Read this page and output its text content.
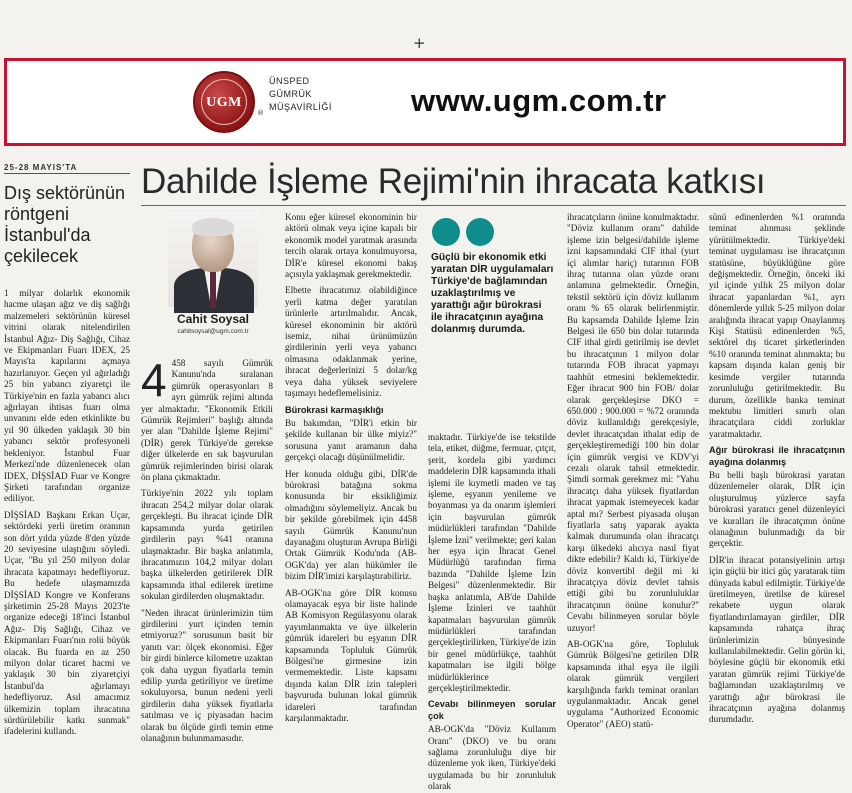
+
UGM
®
ÜNSPED
GÜMRÜK
MÜŞAVİRLİĞİ	www.ugm.com.tr
25-28 MAYIS'TA
Dış sektörünün röntgeni İstanbul'da çekilecek

1 milyar dolarlık ekonomik hacme ulaşan ağız ve diş sağlığı malzemeleri sektörünün küresel vitrini olarak nitelendirilen İstanbul Ağız- Diş Sağlığı, Cihaz ve Ekipmanları Fuarı IDEX, 25 Mayıs'ta kapılarını açmaya hazırlanıyor. Geçen yıl ağırladığı 25 bin yabancı ziyaretçi ile Türkiye'nin en fazla yabancı alıcı ağırlayan ihtisas fuarı olma unvanını elde eden etkinlikte bu yıl 90 ülkeden yaklaşık 30 bin yabancı sektör profesyoneli bekleniyor. İstanbul Fuar Merkezi'nde düzenlenecek olan IDEX, DİŞSİAD Fuar ve Kongre Şirketi tarafından organize ediliyor.

DİŞSİAD Başkanı Erkan Uçar, sektördeki yerli üretim oranının son dört yılda yüzde 8'den yüzde 20 seviyesine ulaştığını söyledi. Uçar, "Bu yıl 250 milyon dolar ihracata kapatmayı hedefliyoruz. Bu hedefe ulaşmamızda DİŞSİAD Kongre ve Konferans şirketimin 25-28 Mayıs 2023'te organize edeceği 18'inci İstanbul Ağız- Diş Sağlığı, Cihaz ve Ekipmanları Fuarı'nın rolü büyük olacak. Bu fuarda en az 250 milyon dolar ticaret hacmi ve yaklaşık 30 bin ziyaretçiyi İstanbul'da ağırlamayı hedefliyoruz. Asıl amacımız ülkemizin toplam ihracatına sürdürülebilir katkı sunmak" ifadelerini kullandı.

Dahilde İşleme Rejimi'nin ihracata katkısı
Cahit Soysal
cahitsoysal@ugm.com.tr

4 458 sayılı Gümrük Kanunu'nda sıralanan gümrük operasyonları 8 ayrı gümrük rejimi altında yer almaktadır. "Ekonomik Etkili Gümrük Rejimleri" başlığı altında yer alan "Dahilde İşleme Rejimi" (DİR) gerek Türkiye'de gerekse diğer ülkelerde en sık başvurulan gümrük rejimlerinden birisi olarak ön plana çıkmaktadır.

Türkiye'nin 2022 yılı toplam ihracatı 254,2 milyar dolar olarak gerçekleşti. Bu ihracat içinde DİR kapsamında yurda getirilen girdilerin payı %41 oranına ulaşmaktadır. Bir başka anlatımla, ihracatımızın 104,2 milyar doları başka ülkelerden getirilerek DİR kapsamında ithal edilerek üretime sokulan girdilerden oluşmaktadır.

"Neden ihracat ürünlerimizin tüm girdilerini yurt içinden temin etmiyoruz?" sorusunun basit bir yanıtı var: ölçek ekonomisi. Eğer bir girdi binlerce kilometre uzaktan çok daha uygun fiyatlarla temin edilip yurda getiriliyor ve üretime sokuluyorsa, bunun nedeni yerli girdilerin daha yüksek fiyatlarla satılması ve iç piyasadan hacim olarak bu ölçüde girdi temin etme olanağının bulunmamasıdır.

Konu eğer küresel ekonominin bir aktörü olmak veya içine kapalı bir ekonomik model yaratmak arasında tercih olarak ortaya konulmuyorsa, DİR'e küresel ekonomi bakış açısıyla yaklaşmak gerekmektedir.

Elbette ihracatımız olabildiğince yerli katma değer yaratılan ürünlerle artırılmalıdır. Ancak, küresel ekonominin bir aktörü isemiz, nihai ürünümüzün girdilerinin yerli veya yabancı olmasına odaklanmak yerine, ihracat değerlerinizi 5 dolar/kg veya daha yüksek seviyelere taşımayı hedeflemelisiniz.

Bürokrasi karmaşıklığı

Bu bakımdan, "DİR'i etkin bir şekilde kullanan bir ülke miyiz?" sorusuna yanıt aramanın daha gerçekçi olacağı düşünülmelidir.

Her konuda olduğu gibi, DİR'de bürokrasi batağına sokma konusunda bir eksikliğimiz olmadığını söylemeliyiz. Ancak bu bir şekilde görebilmek için 4458 sayılı Gümrük Kanunu'nun dayanağını oluşturan Avrupa Birliği Ortak Gümrük Kodu'nda (AB-OGK'da) yer alan hükümler ile bizim DİR'imizi karşılaştırabiliriz.

AB-OGK'na göre DİR konusu olamayacak eşya bir liste halinde AB Komisyon Regülasyonu olarak yayımlanmakta ve üye ülkelerin gümrük idareleri bu eşyanın DİR kapsamında Topluluk Gümrük Bölgesi'ne girmesine izin vermemektedir. Liste kapsamı dışında kalan DİR izin talepleri başvuruda bulunan lokal gümrük idareleri tarafından karşılanmaktadır.

Güçlü bir ekonomik etki yaratan DİR uygulamaları Türkiye'de bağlamından uzaklaştırılmış ve yarattığı ağır bürokrasi ile ihracatçının ayağına dolanmış durumda.

maktadır. Türkiye'de ise tekstilde tela, etiket, düğme, fermuar, çıtçıt, şerit, kordela gibi yardımcı maddelerin DİR kapsamında ithali işlemi ile kıymetli maden ve taş işleme, eşyanın yenileme ve boyanması ya da onarım işlemleri için başvurulan gümrük müdürlükleri tarafından "Dahilde İşleme İzni" verilmekte; geri kalan her eşya için İhracat Genel Müdürlüğü tarafından firma bazında "Dahilde İşleme İzin Belgesi" düzenlenmektedir. Bir başka anlatımla, AB'de Dahilde İşleme İzinleri ve taahhüt kapatmaları başvurulan gümrük müdürlükleri tarafından gerçekleştirilirken, Türkiye'de izin bir genel müdürlükçe, taahhüt kapatmaları ise ilgili bölge müdürlüklerince gerçekleştirilmektedir.

Cevabı bilinmeyen sorular çok

AB-OGK'da "Döviz Kullanım Oranı" (DKO) ve bu oranı sağlama zorunluluğu diye bir düzenleme yok iken, Türkiye'deki uygulamada bu bir zorunluluk olarak

ihracatçıların önüne konulmaktadır. "Döviz kullanım oranı" dahilde işleme izin belgesi/dahilde işleme izni kapsamındaki CIF ithal (yurt içi alımlar hariç) tutarının FOB ihraç tutarına olan yüzde oranı anlamına gelmektedir. Örneğin, tekstil sektörü için döviz kullanım oranı % 65 olarak belirlenmiştir. Bu kapsamda Dahilde İşleme İzin Belgesi ile 650 bin dolar tutarında CIF ithal girdi getirilmiş ise devlet bu ihracatçının 1 milyon dolar tutarında FOB ihracat yapmayı taahhüt etmesini beklemektedir. Eğer ihracat 900 bin FOB/ dolar olarak gerçekleşirse DKO = 650.000 : 900.000 = %72 oranında döviz kullanıldığı gerekçesiyle, devlet ihracatçıdan ithalat edip de gerçekleştiremediği 100 bin dolar için gümrük vergisi ve KDV'yi cezalı olarak tahsil etmektedir. Şimdi sormak gerekmez mi: "Yahu ihracatçı daha yüksek fiyatlardan ihracat yapmak istemeyecek kadar aptal mı? Serbest piyasada oluşan fiyatlarla satış yaparak ayakta kalmak durumunda olan ihracatçı karşı ülkedeki alıcıya nasıl fiyat dikte edebilir? Kaldı ki, Türkiye'de döviz konvertibl değil mi ki ihracatçıya döviz devlet tahsis ettiği gibi bu zorunluluklar ihracatçının önüne konulur?" Cevabı bilinmeyen sorular böyle uzuyor!

AB-OGK'na göre, Topluluk Gümrük Bölgesi'ne getirilen DİR kapsamında ithal eşya ile ilgili olarak gümrük vergileri karşılığında farklı teminat oranları uygulanmaktadır. Ancak genel uygulama "Authorized Economic Operator" (AEO) statü-

sünü edinenlerden %1 oranında teminat alınması şeklinde yürütülmektedir. Türkiye'deki teminat uygulaması ise ihracatçının statüsüne, büyüklüğüne göre değişmektedir. Örneğin, önceki iki yıl içinde yıllık 25 milyon dolar ihracat yapanlardan %1, ayrı dönemlerde yıllık 5-25 milyon dolar aralığında ihracat yapıp Onaylanmış Kişi Statüsü edinenlerden %5, sektörel dış ticaret şirketlerinden %10 oranında teminat alınmakta; bu kapsam dışında kalan geniş bir kesimde vergiler tutarında zorunluluğu getirilmektedir. Bu durum, özellikle banka teminat mektubu limitleri sınırlı olan ihracatçılara ciddi zorluklar yaratmaktadır.

Ağır bürokrasi ile ihracatçının ayağına dolanmış

Bu belli başlı bürokrasi yaratan düzenlemeler olarak, DİR için oluşturulmuş yüzlerce sayfa bürokrasi yaratıcı genel düzenleyici ve kuralları ile ihracatçının önüne olanağının bulunmadığı da bir gerçektir.

DİR'in ihracat potansiyelinin artışı için güçlü bir itici güç yaratarak tüm dünyada kabul edilmiştir. Türkiye'de üretilmeyen, üretilse de küresel rekabete uygun olarak fiyatlandırılamayan girdiler, DİR kapsamında rahatça ihraç ürünlerimizin bünyesinde kullanılabilmektedir. Gelin görün ki, böylesine güçlü bir ekonomik etki yaratan gümrük rejimi Türkiye'de bağlamından uzaklaştırılmış ve yarattığı ağır bürokrasi ile ihracatçının ayağına dolanmış durumdadır.
